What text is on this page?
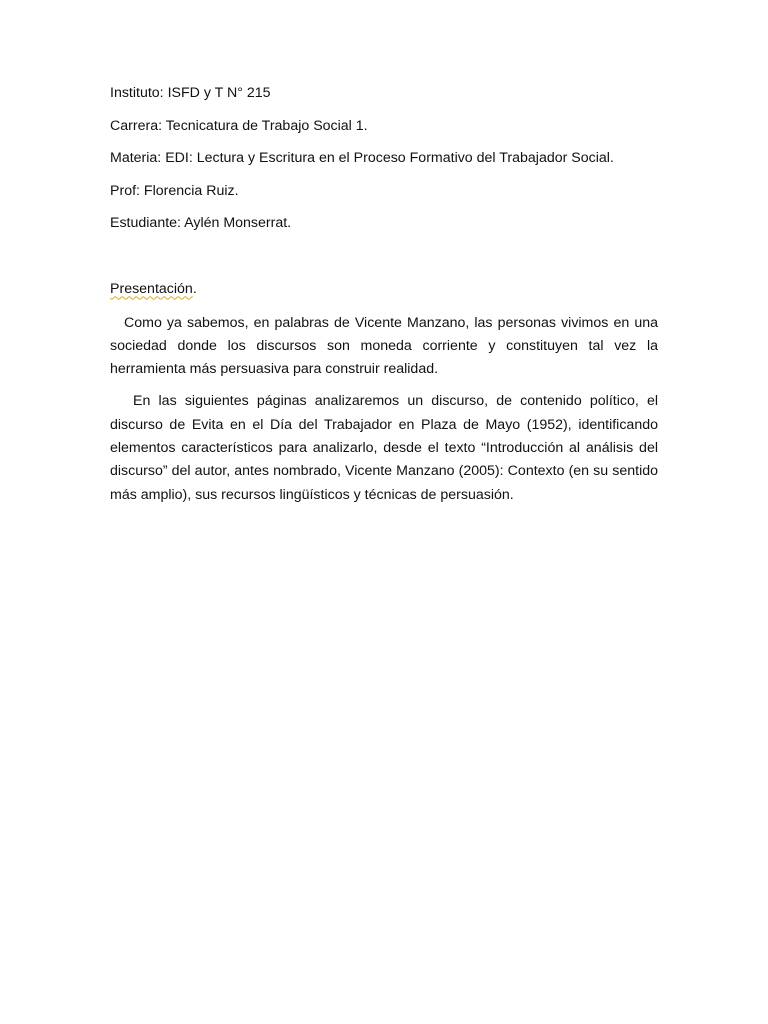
Instituto: ISFD y T N° 215

Carrera: Tecnicatura de Trabajo Social 1.

Materia: EDI: Lectura y Escritura en el Proceso Formativo del Trabajador Social.

Prof: Florencia Ruiz.

Estudiante: Aylén Monserrat.

Presentación.

Como ya sabemos, en palabras de Vicente Manzano, las personas vivimos en una sociedad donde los discursos son moneda corriente y constituyen tal vez la herramienta más persuasiva para construir realidad.

En las siguientes páginas analizaremos un discurso, de contenido político, el discurso de Evita en el Día del Trabajador en Plaza de Mayo (1952), identificando elementos característicos para analizarlo, desde el texto “Introducción al análisis del discurso” del autor, antes nombrado, Vicente Manzano (2005): Contexto (en su sentido más amplio), sus recursos lingüísticos y técnicas de persuasión.
